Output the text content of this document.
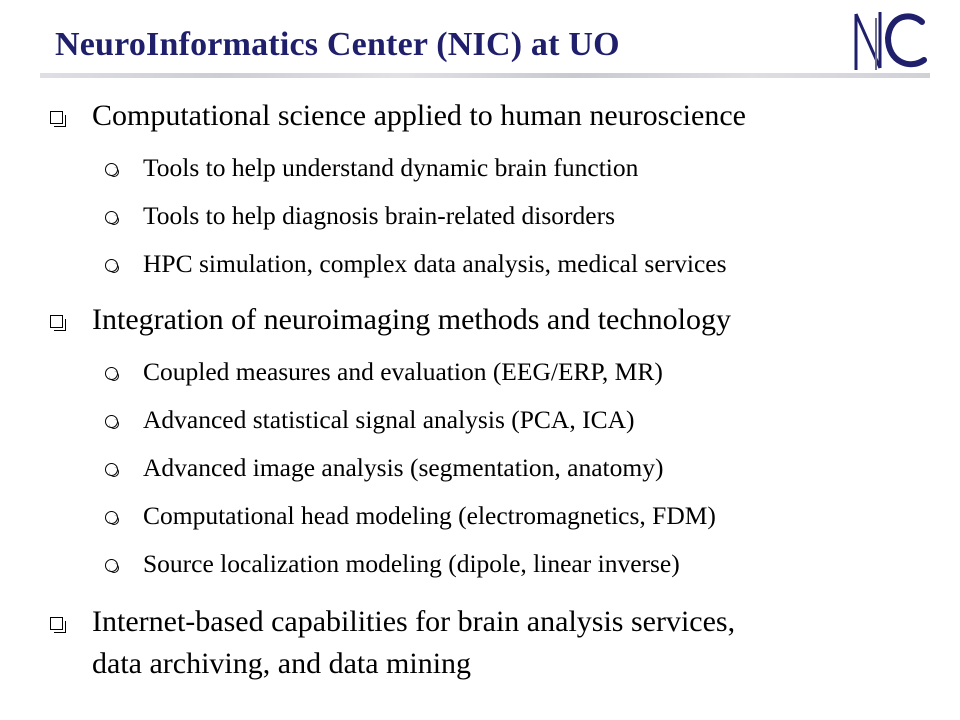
NeuroInformatics Center (NIC) at UO
Computational science applied to human neuroscience
Tools to help understand dynamic brain function
Tools to help diagnosis brain-related disorders
HPC simulation, complex data analysis, medical services
Integration of neuroimaging methods and technology
Coupled measures and evaluation (EEG/ERP, MR)
Advanced statistical signal analysis (PCA, ICA)
Advanced image analysis (segmentation, anatomy)
Computational head modeling (electromagnetics, FDM)
Source localization modeling (dipole, linear inverse)
Internet-based capabilities for brain analysis services,
data archiving, and data mining
